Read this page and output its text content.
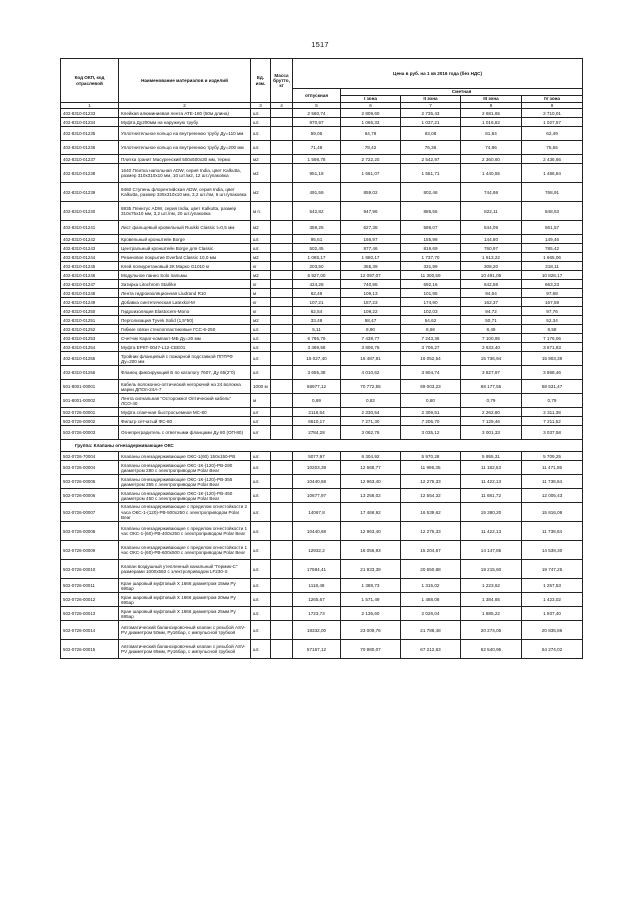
1517
Код ОКП, код отраслевой	Наименование материалов и изделий	Ед. изм.	Масса брутто, кг	Цена в руб. на 1 кв 2016 года (без НДС)				
				отпускная	Сметная			
					I зона	II зона	III зона	IV зона
1	2	3	4	5	6	7	8	9
402-8310-01233	Клейкая алюминиевая лента ATE-180 (50м длина)	шт.		2 560,74	2 809,60	2 735,43	2 681,65	2 710,01
402-8310-01234	Муфта Ду200мм на наружную трубу	шт.		970,97	1 065,33	1 037,21	1 016,82	1 027,57
402-8310-01235	Уплотнительное кольцо на внутреннюю трубу Ду=110 мм	шт.		59,05	64,79	63,08	61,84	62,49
402-8310-01236	Уплотнительное кольцо на внутреннюю трубу Ду=200 мм	шт.		71,48	78,42	76,36	74,86	75,65
402-8310-01237	Плитка гранит Масуренский 500х500х30 мм, термо	м2		1 598,78	2 722,20	2 542,97	2 360,60	2 436,66
402-8310-01238	1640 Плитка напольная ADW, серия India, цвет Kalkutta, размер 310х310х10 мм, 10 шт./м2, 12 шт./упаковка	м2		951,18	1 661,07	1 551,71	1 440,55	1 486,84
402-8310-01239	9460 Ступень флорентийская ADW, серия India, цвет Kalkutta, размер 335х310х10 мм, 3,2 шт./пм, 6 шт./упаковка	м2		491,59	859,02	802,46	744,98	768,91
402-8310-01240	8835 Плинтус ADW, серия India, цвет Kalkutta, размер 310х75х10 мм, 3,2 шт./пм, 20 шт./упаковка	м п.		542,82	947,96	885,55	822,11	848,53
402-8310-01241	Лист фальцевый кровельный Ruukki Classic t=0,5 мм	м2		359,25	627,38	586,07	544,09	561,57
402-8310-01242	Кровельный кронштейн Borge	шт.		95,61	166,97	155,98	144,80	149,46
402-8310-01243	Центральный кронштейн Borge для Classic	шт.		502,45	877,46	819,69	760,97	785,42
402-8310-01244	Резиновое покрытие Everbat Classic 10,0 мм	м2		1 065,17	1 860,17	1 737,70	1 613,22	1 665,06
402-8310-01245	Клей полиуретановый 2К Марко G1010 кг	кг		203,50	355,39	331,99	308,20	318,11
402-8310-01246	Модульное панно Solo пальмы	м2		6 927,00	12 097,07	11 300,59	10 491,05	10 828,17
402-8310-01247	Затирка Litochrom Starlike	кг		424,28	740,95	692,16	642,58	663,23
402-8310-01248	Лента гидроизоляционная Liudrand R10	м		62,49	109,13	101,95	94,64	97,68
402-8310-01249	Добавка синтетическая Latexkol-M	кг		107,21	187,23	174,90	162,37	167,59
402-8310-01250	Гидроизоляция Elastocem-Mono	кг		62,54	109,22	102,03	94,72	97,76
402-8310-01251	Перголизация Tyvek Solid (1,5*50)	м2		33,48	58,47	54,62	50,71	52,34
402-8310-01252	Гибкие связи стеклопластиковые ГСС-6-250	шт.		5,11	8,90	8,66	8,49	8,58
402-8310-01253	Счетчик Карат-компакт-МБ Ду=20 мм	шт.		6 765,79	7 439,77	7 243,36	7 100,95	7 176,06
402-8310-01254	Муфта ЕРКТ-0047-L12-CEE01	шт.		3 469,58	3 806,76	3 706,27	3 633,40	3 671,83
402-8310-01255	Тройник фланцевый с пожарной подставкой ППТРФ Ду=200 мм	шт.		15 027,40	16 487,81	16 052,54	15 736,94	15 903,39
402-8310-01256	Фланец фиксирующий Б по каталогу 7607, Ду 65(2"0)	шт.		3 655,38	4 010,62	3 904,74	3 827,97	3 868,46
501-8001-00001	Кабель волоконно-оптический негорючий на 24 волокна марки ДПОп-24А-7	1000 м		58977,12	70 772,55	69 003,23	68 177,55	68 531,47
501-8001-00002	Лента сигнальная "Осторожно! Оптический кабель" ЛСО-40	м		0,69	0,82	0,80	0,79	0,79
502-0726-00001	Муфта спаечная быстросъемная МС-80	шт		2118,64	2 330,54	2 309,51	2 262,80	2 311,38
502-0726-00002	Фильтр сетчатый ФС-80	шт		6610,17	7 271,30	7 205,70	7 129,46	7 211,52
502-0726-00003	Огнепреградитель с ответными фланцами Ду 80 (ОП-80)	шт		2784,28	3 062,76	3 035,12	3 001,33	3 037,58
Группа: Клапаны огнезадерживающие ОКС								
502-0726-70004	Клапаны огнезадерживающие ОКС-1(60) 150х150-РВ	шт.		5077,97	6 304,92	5 970,28	5 955,31	5 709,25
502-0726-00004	Клапаны огнезадерживающие ОКС-1К-(120)-РВ-280 диаметром 280 с электроприводом Polar Bear	шт.		10203,39	12 668,77	11 996,35	11 182,53	11 471,85
502-0726-00005	Клапаны огнезадерживающие ОКС-1К-(120)-РВ-355 диаметром 355 с электроприводом Polar Bear	шт.		10440,68	12 963,40	12 275,33	11 422,13	11 738,64
502-0726-00006	Клапаны огнезадерживающие ОКС-1К-(120)-РВ-450 диаметром 450 с электроприводом Polar Bear	шт.		10677,97	13 258,02	12 554,32	11 681,72	12 005,43
502-0726-00007	Клапаны огнезадерживающие с пределом огнестойкости 2 часа ОКС-1-(120)-РВ-500х250 с электроприводом Polar Bear	шт.		14067,8	17 466,92	16 539,62	15 390,20	15 816,08
502-0726-00008	Клапаны огнезадерживающие с пределом огнестойкости 1 час ОКС-1-(60)-РВ-400х250 с электроприводом Polar Bear	шт.		10440,68	12 963,40	12 275,33	11 422,13	11 738,64
502-0726-00009	Клапаны огнезадерживающие с пределом огнестойкости 1 час ОКС-1-(60)-РВ-600х500 с электроприводом Polar Bear	шт.		12932,2	16 056,93	15 204,67	14 147,85	14 539,30
502-0726-00010	Клапан воздушный утепленный канальный "Гермик-С" размерами 1000х550 с электроприводом LF230-S	шт.		17584,41	21 833,39	20 650,88	19 215,60	19 747,25
502-0726-00011	Кран шаровый муфтовый Х 1666 диаметром 15мм Ру 695ар	шт.		1118,48	1 388,73	1 315,02	1 223,62	1 257,53
502-0726-00012	Кран шаровый муфтовый Х 1666 диаметром 20мм Ру 695ар	шт.		1265,67	1 571,49	1 488,08	1 384,65	1 423,02
502-0726-00013	Кран шаровый муфтовый Х 1666 диаметром 25мм Ру 695ар	шт.		1723,73	2 136,60	2 026,04	1 885,22	1 937,40
502-0726-00014	Автоматический балансировочный клапан с резьбой ASV-PV диаметром 50мм, Ру16бар, с импульсной трубкой	шт.		18332,00	23 009,76	21 788,48	20 274,05	20 835,86
502-0726-00015	Автоматический балансировочный клапан с резьбой ASV-PV диаметром 65мм, Ру16бар, с импульсной трубкой	шт.		57167,12	70 980,07	67 212,63	62 540,95	64 274,02
